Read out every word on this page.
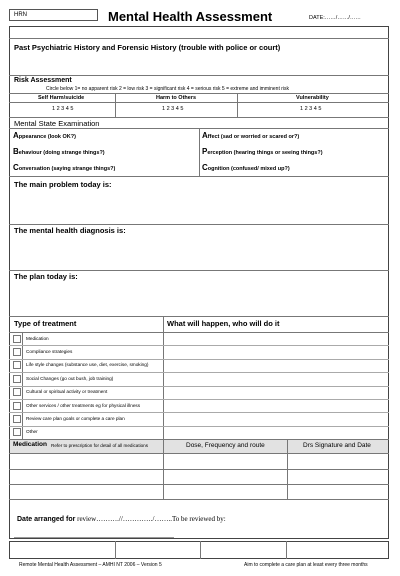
HRN	Mental Health Assessment	DATE:……/……/……
Past Psychiatric History and Forensic History (trouble with police or court)
Risk Assessment
Circle below 1= no apparent risk 2 = low risk 3 = significant risk 4 = serious risk 5 = extreme and imminent risk
Self Harm/suicide	Harm to Others	Vulnerability
1 2 3 4 5	1 2 3 4 5	1 2 3 4 5
Mental State Examination
Appearance (look OK?)
Behaviour (doing strange things?)
Conversation (saying strange things?)
Affect (sad or worried or scared or?)
Perception (hearing things or seeing things?)
Cognition (confused/ mixed up?)
The main problem today is:
The mental health diagnosis is:
The plan today is:
Type of treatment	What will happen, who will do it
Medication
Compliance strategies
Life style changes (substance use, diet, exercise, smoking)
Social Changes (go out bush, job training)
Cultural or spiritual activity or treatment
Other services / other treatments eg for physical illness
Review care plan goals or complete a care plan
Other
Medication Refer to prescription for detail of all medications	Dose, Frequency and route	Drs Signature and Date
Date arranged for review……….//…………./……..To be reviewed by:
Remote Mental Health Assessment – AMHI NT 2006 – Version 5	Aim to complete a care plan at least every three months
